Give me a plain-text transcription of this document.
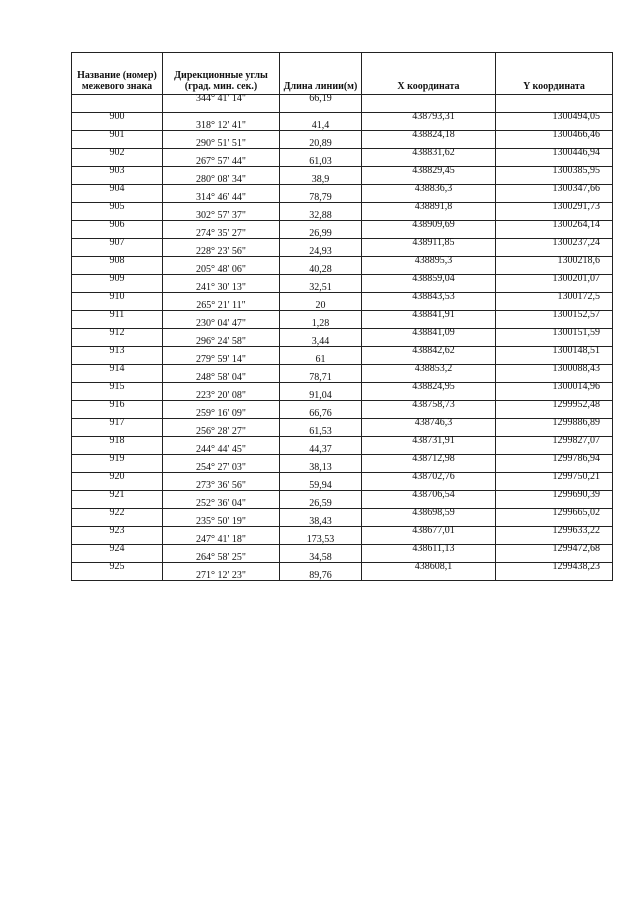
Название (номер) межевого знака	Дирекционные углы (град. мин. сек.)	Длина линии(м)	X координата	Y координата

	344° 41' 14"	66,19		

900	318° 12' 41"	41,4	438793,31	1300494,05

901	290° 51' 51"	20,89	438824,18	1300466,46

902	267° 57' 44"	61,03	438831,62	1300446,94

903	280° 08' 34"	38,9	438829,45	1300385,95

904	314° 46' 44"	78,79	438836,3	1300347,66

905	302° 57' 37"	32,88	438891,8	1300291,73

906	274° 35' 27"	26,99	438909,69	1300264,14

907	228° 23' 56"	24,93	438911,85	1300237,24

908	205° 48' 06"	40,28	438895,3	1300218,6

909	241° 30' 13"	32,51	438859,04	1300201,07

910	265° 21' 11"	20	438843,53	1300172,5

911	230° 04' 47"	1,28	438841,91	1300152,57

912	296° 24' 58"	3,44	438841,09	1300151,59

913	279° 59' 14"	61	438842,62	1300148,51

914	248° 58' 04"	78,71	438853,2	1300088,43

915	223° 20' 08"	91,04	438824,95	1300014,96

916	259° 16' 09"	66,76	438758,73	1299952,48

917	256° 28' 27"	61,53	438746,3	1299886,89

918	244° 44' 45"	44,37	438731,91	1299827,07

919	254° 27' 03"	38,13	438712,98	1299786,94

920	273° 36' 56"	59,94	438702,76	1299750,21

921	252° 36' 04"	26,59	438706,54	1299690,39

922	235° 50' 19"	38,43	438698,59	1299665,02

923	247° 41' 18"	173,53	438677,01	1299633,22

924	264° 58' 25"	34,58	438611,13	1299472,68

925	271° 12' 23"	89,76	438608,1	1299438,23
